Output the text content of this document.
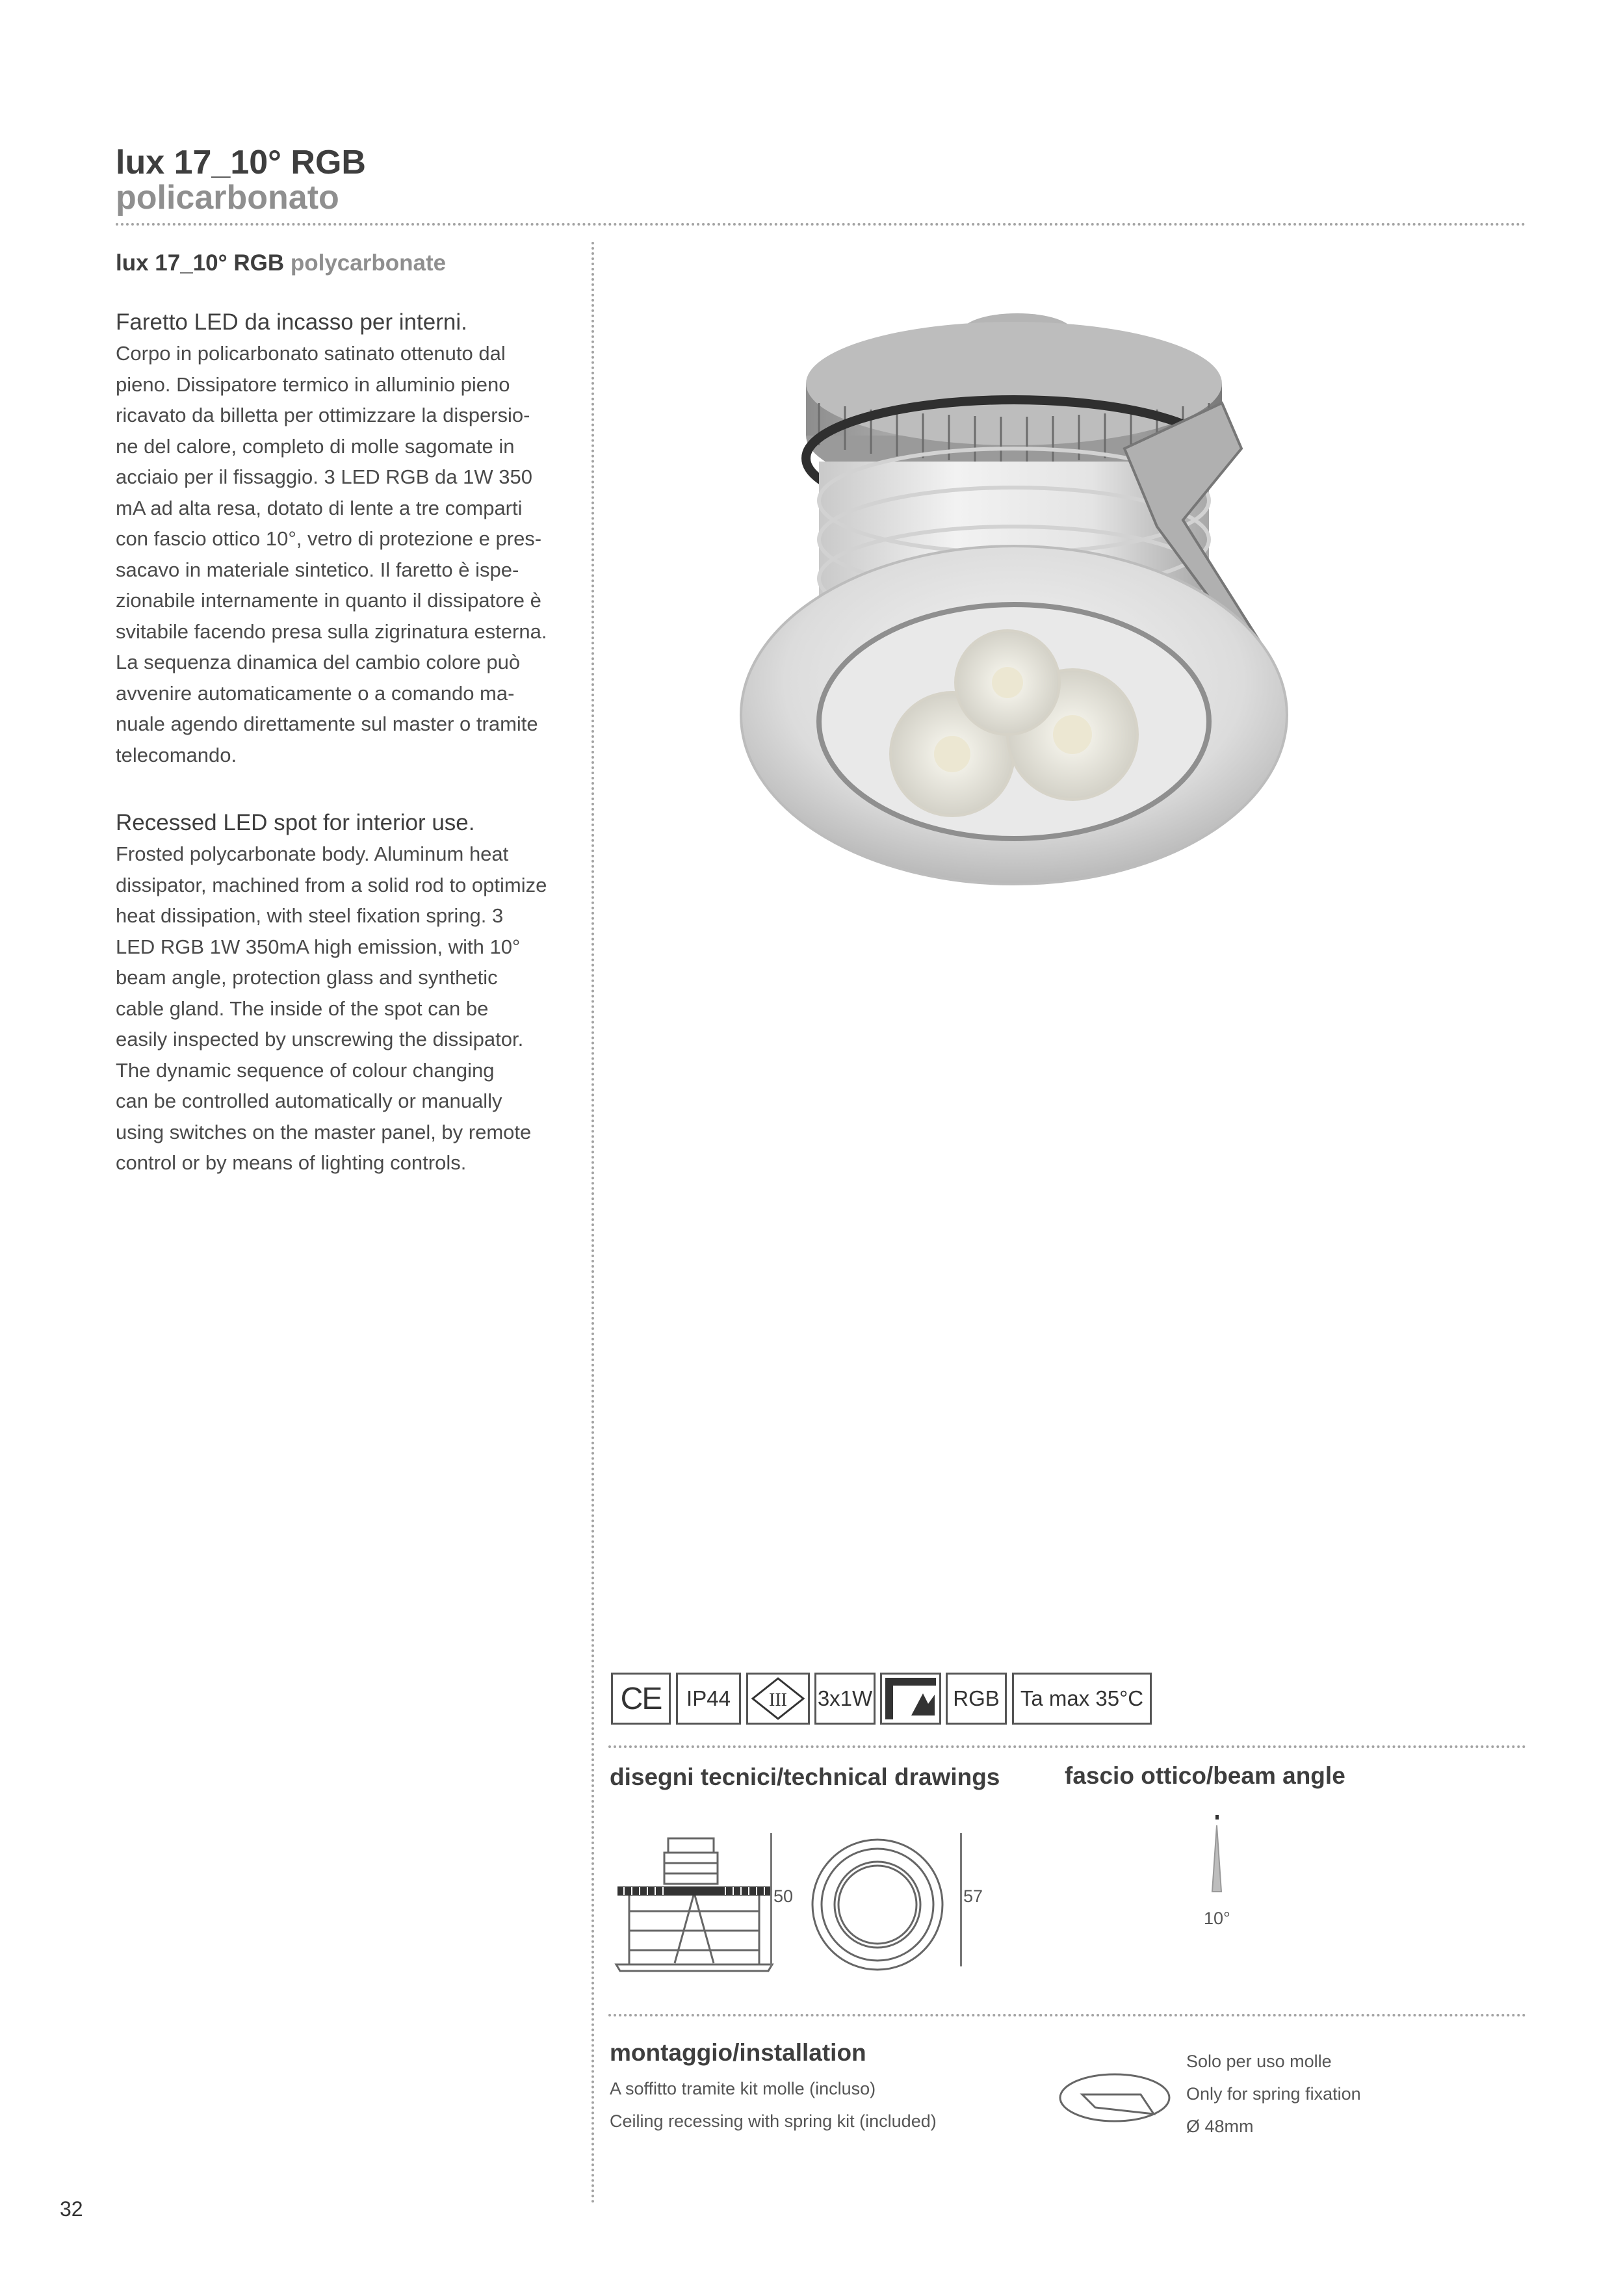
lux 17_10° RGB
policarbonato
lux 17_10° RGB polycarbonate
Faretto LED da incasso per interni.
Corpo in policarbonato satinato ottenuto dal
pieno. Dissipatore termico in alluminio pieno
ricavato da billetta per ottimizzare la dispersio-
ne del calore, completo di molle sagomate in
acciaio per il fissaggio. 3 LED RGB da 1W 350
mA ad alta resa, dotato di lente a tre comparti
con fascio ottico 10°, vetro di protezione e pres-
sacavo in materiale sintetico. Il faretto è ispe-
zionabile internamente in quanto il dissipatore è
svitabile facendo presa sulla zigrinatura esterna.
La sequenza dinamica del cambio colore può
avvenire automaticamente o a comando ma-
nuale agendo direttamente sul master o tramite
telecomando.
Recessed LED spot for interior use.
Frosted polycarbonate body. Aluminum heat
dissipator, machined from a solid rod to optimize
heat dissipation, with steel fixation spring. 3
LED RGB 1W 350mA high emission, with 10°
beam angle, protection glass and synthetic
cable gland. The inside of the spot can be
easily inspected by unscrewing the dissipator.
The dynamic sequence of colour changing
can be controlled automatically or manually
using switches on the master panel, by remote
control or by means of lighting controls.
CE IP44 III 3x1W	RGB Ta max 35°C
disegni tecnici/technical drawings	fascio ottico/beam angle
50	57
10°
montaggio/installation
A soffitto tramite kit molle (incluso)
Ceiling recessing with spring kit (included)
Solo per uso molle
Only for spring fixation
Ø 48mm
32
